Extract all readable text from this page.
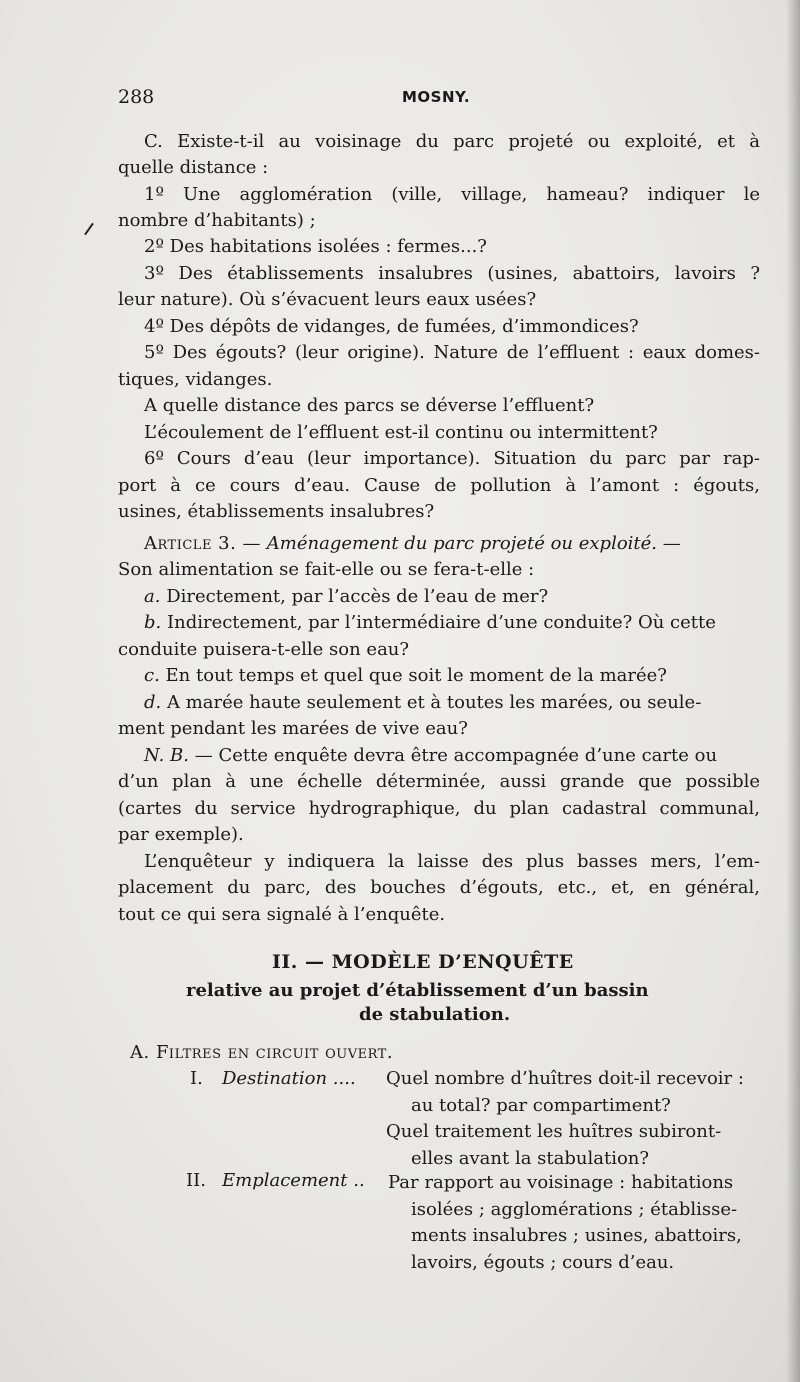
288	MOSNY.
C. Existe-t-il au voisinage du parc projeté ou exploité, et à
quelle distance :
1º Une agglomération (ville, village, hameau? indiquer le
nombre d’habitants) ;
2º Des habitations isolées : fermes...?
3º Des établissements insalubres (usines, abattoirs, lavoirs ?
leur nature). Où s’évacuent leurs eaux usées?
4º Des dépôts de vidanges, de fumées, d’immondices?
5º Des égouts? (leur origine). Nature de l’effluent : eaux domes-
tiques, vidanges.
A quelle distance des parcs se déverse l’effluent?
L’écoulement de l’effluent est-il continu ou intermittent?
6º Cours d’eau (leur importance). Situation du parc par rap-
port à ce cours d’eau. Cause de pollution à l’amont : égouts,
usines, établissements insalubres?
Article 3. — Aménagement du parc projeté ou exploité. —
Son alimentation se fait-elle ou se fera-t-elle :
a. Directement, par l’accès de l’eau de mer?
b. Indirectement, par l’intermédiaire d’une conduite? Où cette
conduite puisera-t-elle son eau?
c. En tout temps et quel que soit le moment de la marée?
d. A marée haute seulement et à toutes les marées, ou seule-
ment pendant les marées de vive eau?
N. B. — Cette enquête devra être accompagnée d’une carte ou
d’un plan à une échelle déterminée, aussi grande que possible
(cartes du service hydrographique, du plan cadastral communal,
par exemple).
L’enquêteur y indiquera la laisse des plus basses mers, l’em-
placement du parc, des bouches d’égouts, etc., et, en général,
tout ce qui sera signalé à l’enquête.
II. — MODÈLE D’ENQUÊTE
relative au projet d’établissement d’un bassin
de stabulation.
A. Filtres en circuit ouvert.
I. Destination .... Quel nombre d’huîtres doit-il recevoir :
au total? par compartiment?
Quel traitement les huîtres subiront-
elles avant la stabulation?
II. Emplacement .. Par rapport au voisinage : habitations
isolées ; agglomérations ; établisse-
ments insalubres ; usines, abattoirs,
lavoirs, égouts ; cours d’eau.
